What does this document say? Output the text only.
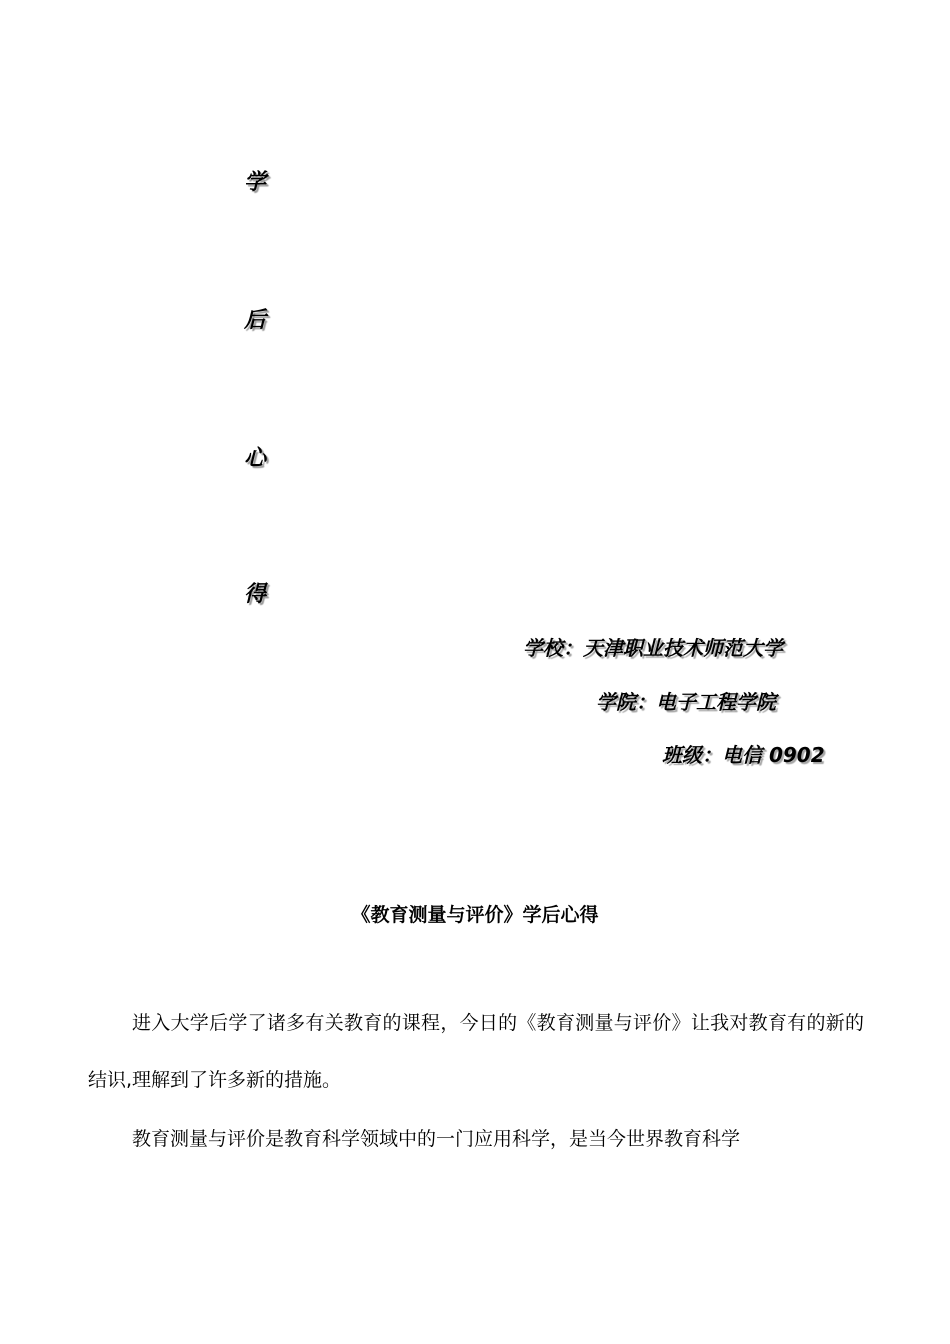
学
后
心
得
学校：天津职业技术师范大学
学院：电子工程学院
班级：电信 0902
《教育测量与评价》学后心得

进入大学后学了诸多有关教育的课程，今日的《教育测量与评价》让我对教育有的新的结识,理解到了许多新的措施。

教育测量与评价是教育科学领域中的一门应用科学，是当今世界教育科学
